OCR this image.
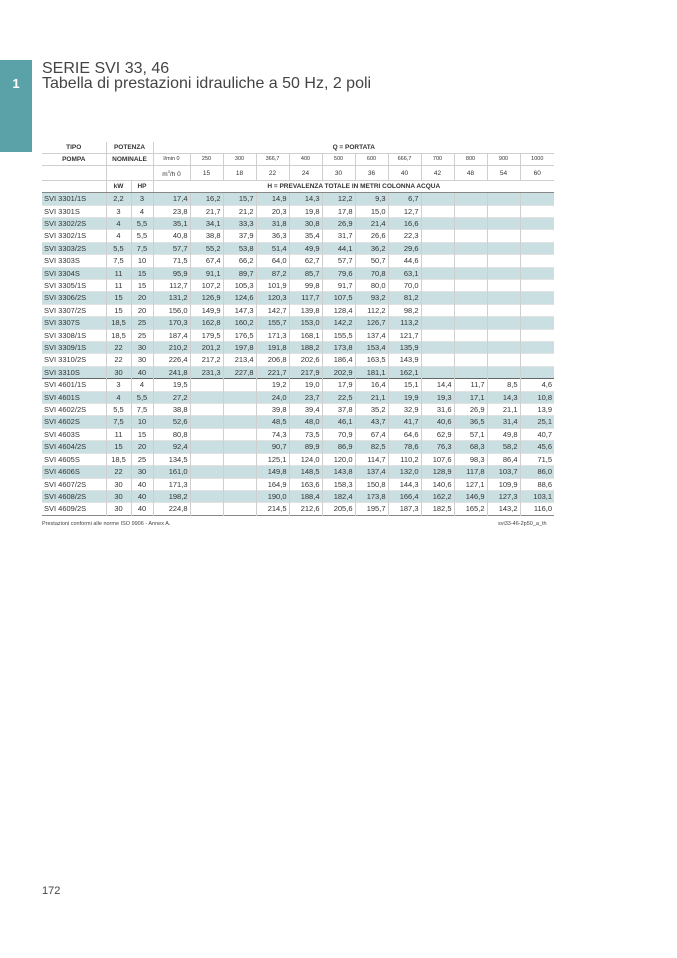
1
SERIE SVI 33, 46
Tabella di prestazioni idrauliche a 50 Hz, 2 poli
TIPO	POTENZA		Q = PORTATA											
POMPA	NOMINALE		l/min 0	250	300	366,7	400	500	600	666,7	700	800	900	1000
			$m^3/h$ 0	15	18	22	24	30	36	40	42	48	54	60
	kW	HP	H = PREVALENZA TOTALE IN METRI COLONNA ACQUA											
SVI 3301/1S	2,2	3	17,4	16,2	15,7	14,9	14,3	12,2	9,3	6,7				
SVI 3301S	3	4	23,8	21,7	21,2	20,3	19,8	17,8	15,0	12,7				
SVI 3302/2S	4	5,5	35,1	34,1	33,3	31,8	30,8	26,9	21,4	16,6				
SVI 3302/1S	4	5,5	40,8	38,8	37,9	36,3	35,4	31,7	26,6	22,3				
SVI 3303/2S	5,5	7,5	57,7	55,2	53,8	51,4	49,9	44,1	36,2	29,6				
SVI 3303S	7,5	10	71,5	67,4	66,2	64,0	62,7	57,7	50,7	44,6				
SVI 3304S	11	15	95,9	91,1	89,7	87,2	85,7	79,6	70,8	63,1				
SVI 3305/1S	11	15	112,7	107,2	105,3	101,9	99,8	91,7	80,0	70,0				
SVI 3306/2S	15	20	131,2	126,9	124,6	120,3	117,7	107,5	93,2	81,2				
SVI 3307/2S	15	20	156,0	149,9	147,3	142,7	139,8	128,4	112,2	98,2				
SVI 3307S	18,5	25	170,3	162,8	160,2	155,7	153,0	142,2	126,7	113,2				
SVI 3308/1S	18,5	25	187,4	179,5	176,5	171,3	168,1	155,5	137,4	121,7				
SVI 3309/1S	22	30	210,2	201,2	197,8	191,8	188,2	173,8	153,4	135,9				
SVI 3310/2S	22	30	226,4	217,2	213,4	206,8	202,6	186,4	163,5	143,9				
SVI 3310S	30	40	241,8	231,3	227,8	221,7	217,9	202,9	181,1	162,1				
SVI 4601/1S	3	4	19,5			19,2	19,0	17,9	16,4	15,1	14,4	11,7	8,5	4,6
SVI 4601S	4	5,5	27,2			24,0	23,7	22,5	21,1	19,9	19,3	17,1	14,3	10,8
SVI 4602/2S	5,5	7,5	38,8			39,8	39,4	37,8	35,2	32,9	31,6	26,9	21,1	13,9
SVI 4602S	7,5	10	52,6			48,5	48,0	46,1	43,7	41,7	40,6	36,5	31,4	25,1
SVI 4603S	11	15	80,8			74,3	73,5	70,9	67,4	64,6	62,9	57,1	49,8	40,7
SVI 4604/2S	15	20	92,4			90,7	89,9	86,9	82,5	78,6	76,3	68,3	58,2	45,6
SVI 4605S	18,5	25	134,5			125,1	124,0	120,0	114,7	110,2	107,6	98,3	86,4	71,5
SVI 4606S	22	30	161,0			149,8	148,5	143,8	137,4	132,0	128,9	117,8	103,7	86,0
SVI 4607/2S	30	40	171,3			164,9	163,6	158,3	150,8	144,3	140,6	127,1	109,9	88,6
SVI 4608/2S	30	40	198,2			190,0	188,4	182,4	173,8	166,4	162,2	146,9	127,3	103,1
SVI 4609/2S	30	40	224,8			214,5	212,6	205,6	195,7	187,3	182,5	165,2	143,2	116,0
Prestazioni conformi alle norme ISO 9906 - Annex A.	svi33-46-2p50_a_th
172
